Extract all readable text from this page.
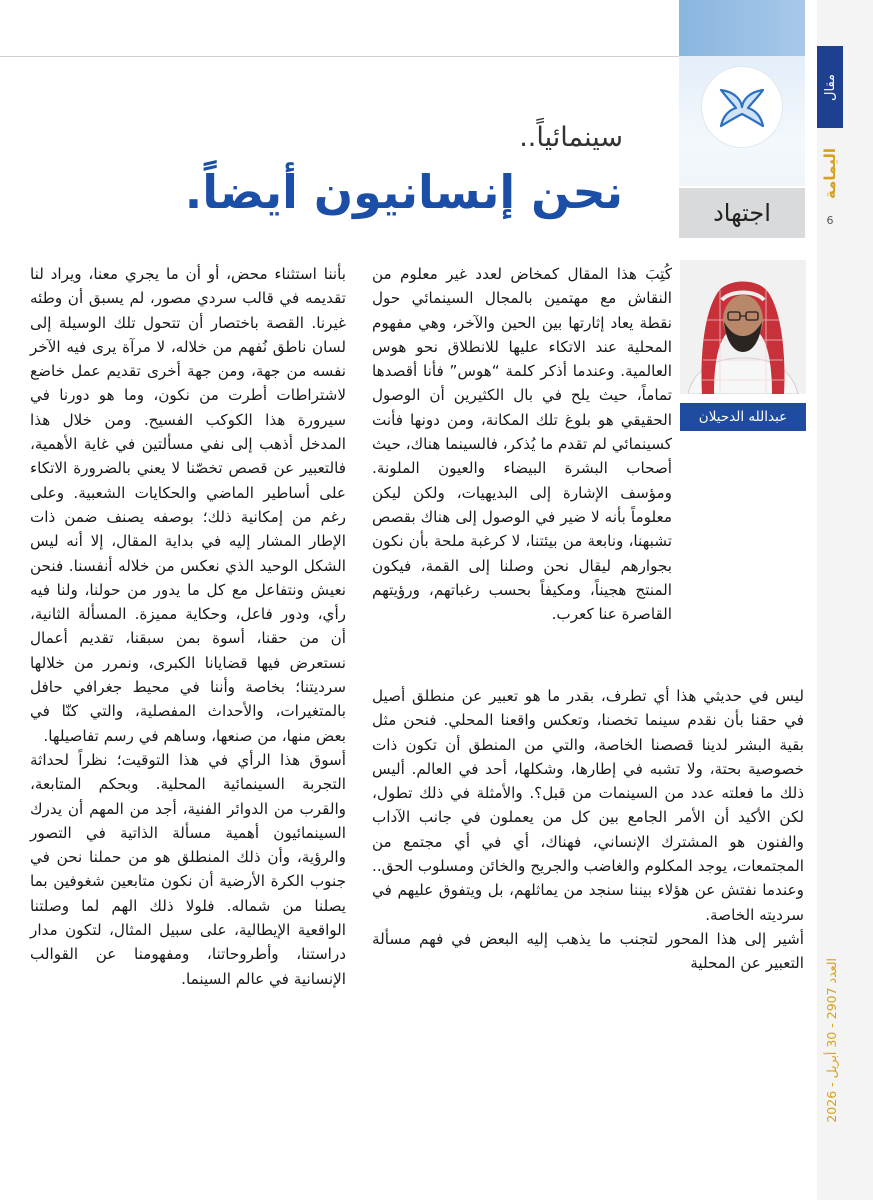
مقال
اليمامة
6
العدد 2907 - 30 أبريل - 2026
اجتهاد
سينمائياً..
نحن إنسانيون أيضاً.
عبدالله الدحيلان

كُتِبَ هذا المقال كمخاض لعدد غير معلوم من النقاش مع مهتمين بالمجال السينمائي حول نقطة يعاد إثارتها بين الحين والآخر، وهي مفهوم المحلية عند الاتكاء عليها للانطلاق نحو هوس العالمية. وعندما أذكر كلمة “هوس” فأنا أقصدها تماماً، حيث يلح في بال الكثيرين أن الوصول الحقيقي هو بلوغ تلك المكانة، ومن دونها فأنت كسينمائي لم تقدم ما يُذكر، فالسينما هناك، حيث أصحاب البشرة البيضاء والعيون الملونة. ومؤسف الإشارة إلى البديهيات، ولكن ليكن معلوماً بأنه لا ضير في الوصول إلى هناك بقصص تشبهنا، ونابعة من بيئتنا، لا كرغبة ملحة بأن نكون بجوارهم ليقال نحن وصلنا إلى القمة، فيكون المنتج هجيناً، ومكيفاً بحسب رغباتهم، ورؤيتهم القاصرة عنا كعرب.

ليس في حديثي هذا أي تطرف، بقدر ما هو تعبير عن منطلق أصيل في حقنا بأن نقدم سينما تخصنا، وتعكس واقعنا المحلي. فنحن مثل بقية البشر لدينا قصصنا الخاصة، والتي من المنطق أن تكون ذات خصوصية بحتة، ولا تشبه في إطارها، وشكلها، أحد في العالم. أليس ذلك ما فعلته عدد من السينمات من قبل؟. والأمثلة في ذلك تطول، لكن الأكيد أن الأمر الجامع بين كل من يعملون في جانب الآداب والفنون هو المشترك الإنساني، فهناك، أي في أي مجتمع من المجتمعات، يوجد المكلوم والغاضب والجريح والخائن ومسلوب الحق.. وعندما نفتش عن هؤلاء بيننا سنجد من يماثلهم، بل ويتفوق عليهم في سرديته الخاصة.

أشير إلى هذا المحور لتجنب ما يذهب إليه البعض في فهم مسألة التعبير عن المحلية

بأننا استثناء محض، أو أن ما يجري معنا، ويراد لنا تقديمه في قالب سردي مصور، لم يسبق أن وطئه غيرنا. القصة باختصار أن تتحول تلك الوسيلة إلى لسان ناطق نُفهم من خلاله، لا مرآة يرى فيه الآخر نفسه من جهة، ومن جهة أخرى تقديم عمل خاضع لاشتراطات أطرت من نكون، وما هو دورنا في سيرورة هذا الكوكب الفسيح. ومن خلال هذا المدخل أذهب إلى نفي مسألتين في غاية الأهمية، فالتعبير عن قصص تخصّنا لا يعني بالضرورة الاتكاء على أساطير الماضي والحكايات الشعبية. وعلى رغم من إمكانية ذلك؛ بوصفه يصنف ضمن ذات الإطار المشار إليه في بداية المقال، إلا أنه ليس الشكل الوحيد الذي نعكس من خلاله أنفسنا. فنحن نعيش ونتفاعل مع كل ما يدور من حولنا، ولنا فيه رأي، ودور فاعل، وحكاية مميزة. المسألة الثانية، أن من حقنا، أسوة بمن سبقنا، تقديم أعمال نستعرض فيها قضايانا الكبرى، ونمرر من خلالها سرديتنا؛ بخاصة وأننا في محيط جغرافي حافل بالمتغيرات، والأحداث المفصلية، والتي كنّا في بعض منها، من صنعها، وساهم في رسم تفاصيلها.

أسوق هذا الرأي في هذا التوقيت؛ نظراً لحداثة التجربة السينمائية المحلية. وبحكم المتابعة، والقرب من الدوائر الفنية، أجد من المهم أن يدرك السينمائيون أهمية مسألة الذاتية في التصور والرؤية، وأن ذلك المنطلق هو من حملنا نحن في جنوب الكرة الأرضية أن نكون متابعين شغوفين بما يصلنا من شماله. فلولا ذلك الهم لما وصلتنا الواقعية الإيطالية، على سبيل المثال، لتكون مدار دراستنا، وأطروحاتنا، ومفهومنا عن القوالب الإنسانية في عالم السينما.
